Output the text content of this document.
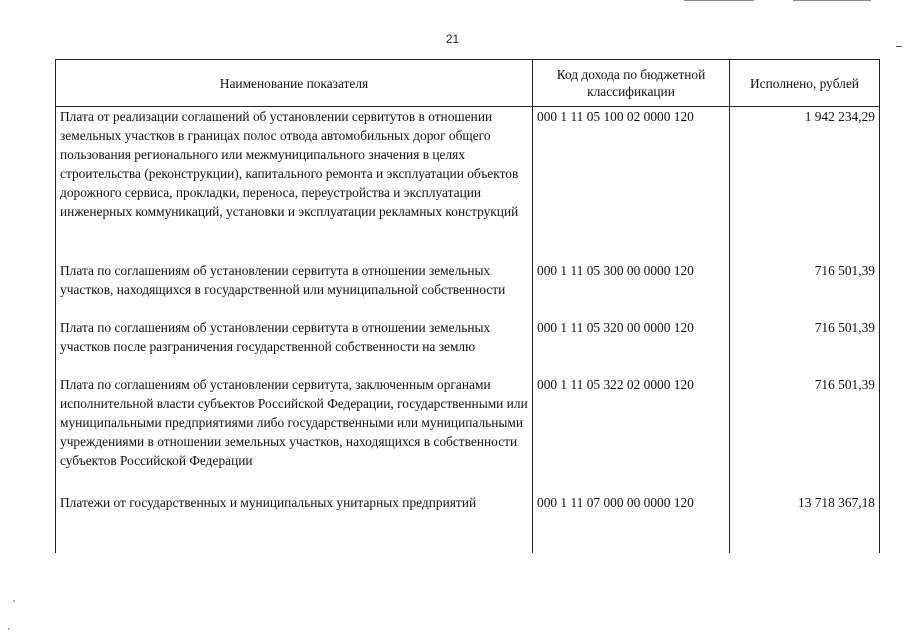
21
Наименование показателя	Код дохода по бюджетной классификации	Исполнено, рублей
Плата от реализации соглашений об установлении сервитутов в отношении земельных участков в границах полос отвода автомобильных дорог общего пользования регионального или межмуниципального значения в целях строительства (реконструкции), капитального ремонта и эксплуатации объектов дорожного сервиса, прокладки, переноса, переустройства и эксплуатации инженерных коммуникаций, установки и эксплуатации рекламных конструкций	000 1 11 05 100 02 0000 120	1 942 234,29
Плата по соглашениям об установлении сервитута в отношении земельных участков, находящихся в государственной или муниципальной собственности	000 1 11 05 300 00 0000 120	716 501,39
Плата по соглашениям об установлении сервитута в отношении земельных участков после разграничения государственной собственности на землю	000 1 11 05 320 00 0000 120	716 501,39
Плата по соглашениям об установлении сервитута, заключенным органами исполнительной власти субъектов Российской Федерации, государственными или муниципальными предприятиями либо государственными или муниципальными учреждениями в отношении земельных участков, находящихся в собственности субъектов Российской Федерации	000 1 11 05 322 02 0000 120	716 501,39
Платежи от государственных и муниципальных унитарных предприятий	000 1 11 07 000 00 0000 120	13 718 367,18
